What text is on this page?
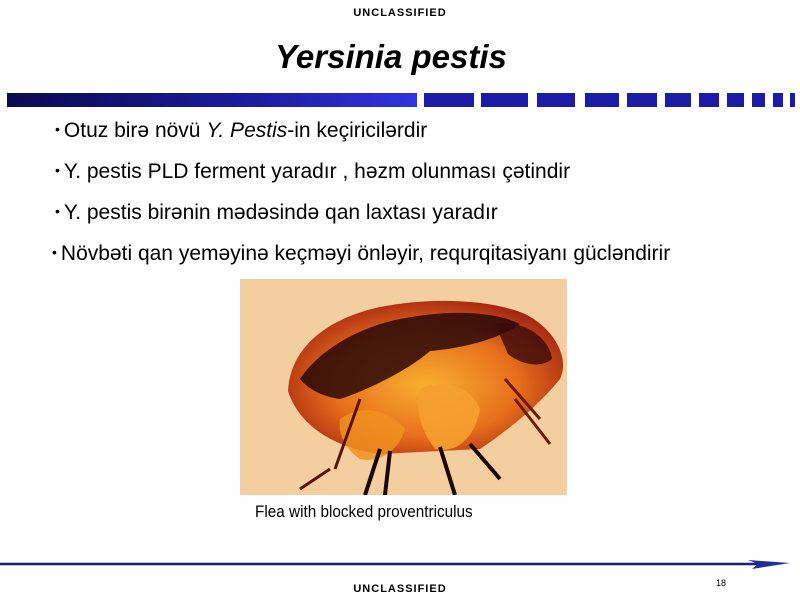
UNCLASSIFIED
Yersinia pestis
• Otuz birə növü Y. Pestis-in keçiricilərdir
• Y. pestis PLD ferment yaradır , həzm olunması çətindir
• Y. pestis birənin mədəsində qan laxtası yaradır
• Növbəti qan yeməyinə keçməyi önləyir, requrqitasiyanı gücləndirir
Flea with blocked proventriculus
UNCLASSIFIED	18
